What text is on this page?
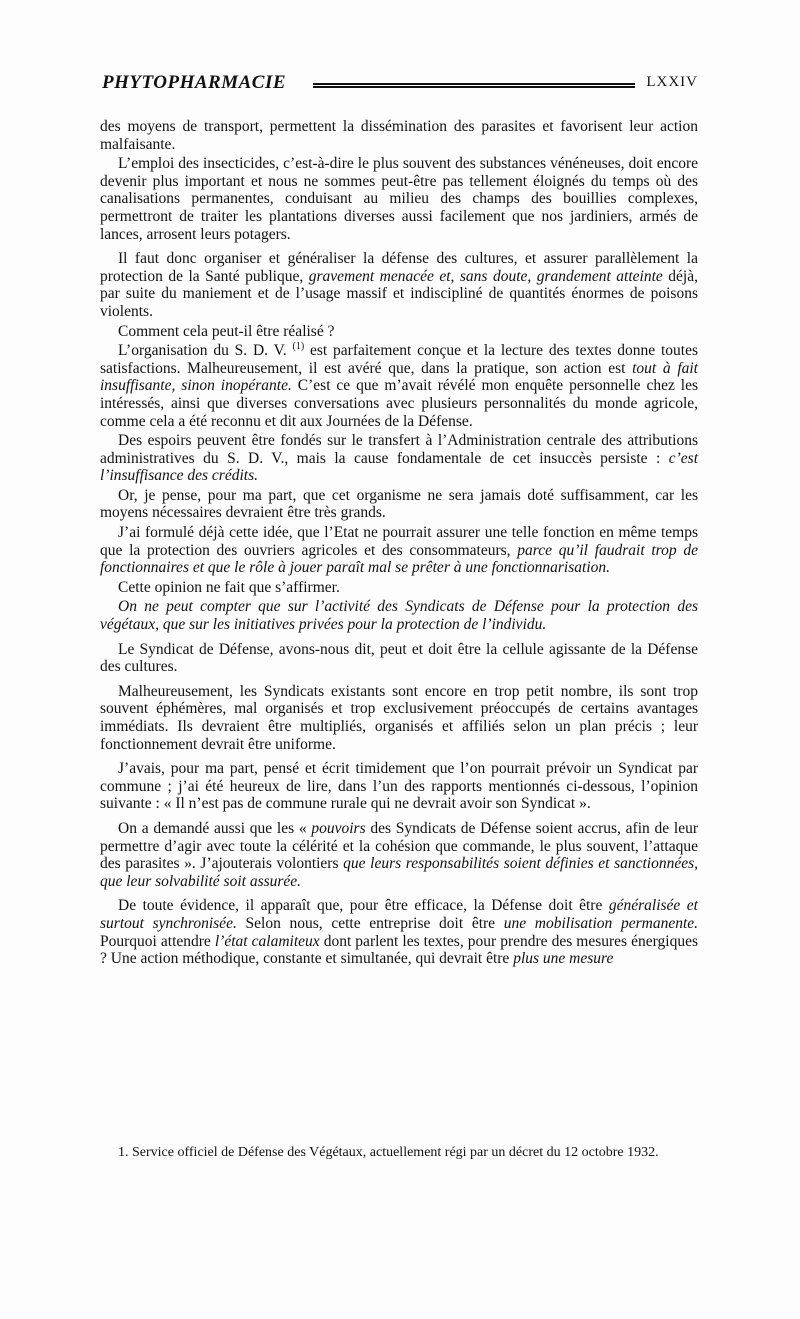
PHYTOPHARMACIE	LXXIV

des moyens de transport, permettent la dissémination des parasites et favorisent leur action malfaisante.

L’emploi des insecticides, c’est-à-dire le plus souvent des substances vénéneuses, doit encore devenir plus important et nous ne sommes peut-être pas tellement éloignés du temps où des canalisations permanentes, conduisant au milieu des champs des bouillies complexes, permettront de traiter les plantations diverses aussi facilement que nos jardiniers, armés de lances, arrosent leurs potagers.

Il faut donc organiser et généraliser la défense des cultures, et assurer parallèlement la protection de la Santé publique, gravement menacée et, sans doute, grandement atteinte déjà, par suite du maniement et de l’usage massif et indiscipliné de quantités énormes de poisons violents.

Comment cela peut-il être réalisé ?

L’organisation du S. D. V. $^{(1)}$ est parfaitement conçue et la lecture des textes donne toutes satisfactions. Malheureusement, il est avéré que, dans la pratique, son action est tout à fait insuffisante, sinon inopérante. C’est ce que m’avait révélé mon enquête personnelle chez les intéressés, ainsi que diverses conversations avec plusieurs personnalités du monde agricole, comme cela a été reconnu et dit aux Journées de la Défense.

Des espoirs peuvent être fondés sur le transfert à l’Administration centrale des attributions administratives du S. D. V., mais la cause fondamentale de cet insuccès persiste : c’est l’insuffisance des crédits.

Or, je pense, pour ma part, que cet organisme ne sera jamais doté suffisamment, car les moyens nécessaires devraient être très grands.

J’ai formulé déjà cette idée, que l’Etat ne pourrait assurer une telle fonction en même temps que la protection des ouvriers agricoles et des consommateurs, parce qu’il faudrait trop de fonctionnaires et que le rôle à jouer paraît mal se prêter à une fonctionnarisation.

Cette opinion ne fait que s’affirmer.

On ne peut compter que sur l’activité des Syndicats de Défense pour la protection des végétaux, que sur les initiatives privées pour la protection de l’individu.

Le Syndicat de Défense, avons-nous dit, peut et doit être la cellule agissante de la Défense des cultures.

Malheureusement, les Syndicats existants sont encore en trop petit nombre, ils sont trop souvent éphémères, mal organisés et trop exclusivement préoccupés de certains avantages immédiats. Ils devraient être multipliés, organisés et affiliés selon un plan précis ; leur fonctionnement devrait être uniforme.

J’avais, pour ma part, pensé et écrit timidement que l’on pourrait prévoir un Syndicat par commune ; j’ai été heureux de lire, dans l’un des rapports mentionnés ci-dessous, l’opinion suivante : « Il n’est pas de commune rurale qui ne devrait avoir son Syndicat ».

On a demandé aussi que les « pouvoirs des Syndicats de Défense soient accrus, afin de leur permettre d’agir avec toute la célérité et la cohésion que commande, le plus souvent, l’attaque des parasites ». J’ajouterais volontiers que leurs responsabilités soient définies et sanctionnées, que leur solvabilité soit assurée.

De toute évidence, il apparaît que, pour être efficace, la Défense doit être généralisée et surtout synchronisée. Selon nous, cette entreprise doit être une mobilisation permanente. Pourquoi attendre l’état calamiteux dont parlent les textes, pour prendre des mesures énergiques ? Une action méthodique, constante et simultanée, qui devrait être plus une mesure

1. Service officiel de Défense des Végétaux, actuellement régi par un décret du 12 octobre 1932.
